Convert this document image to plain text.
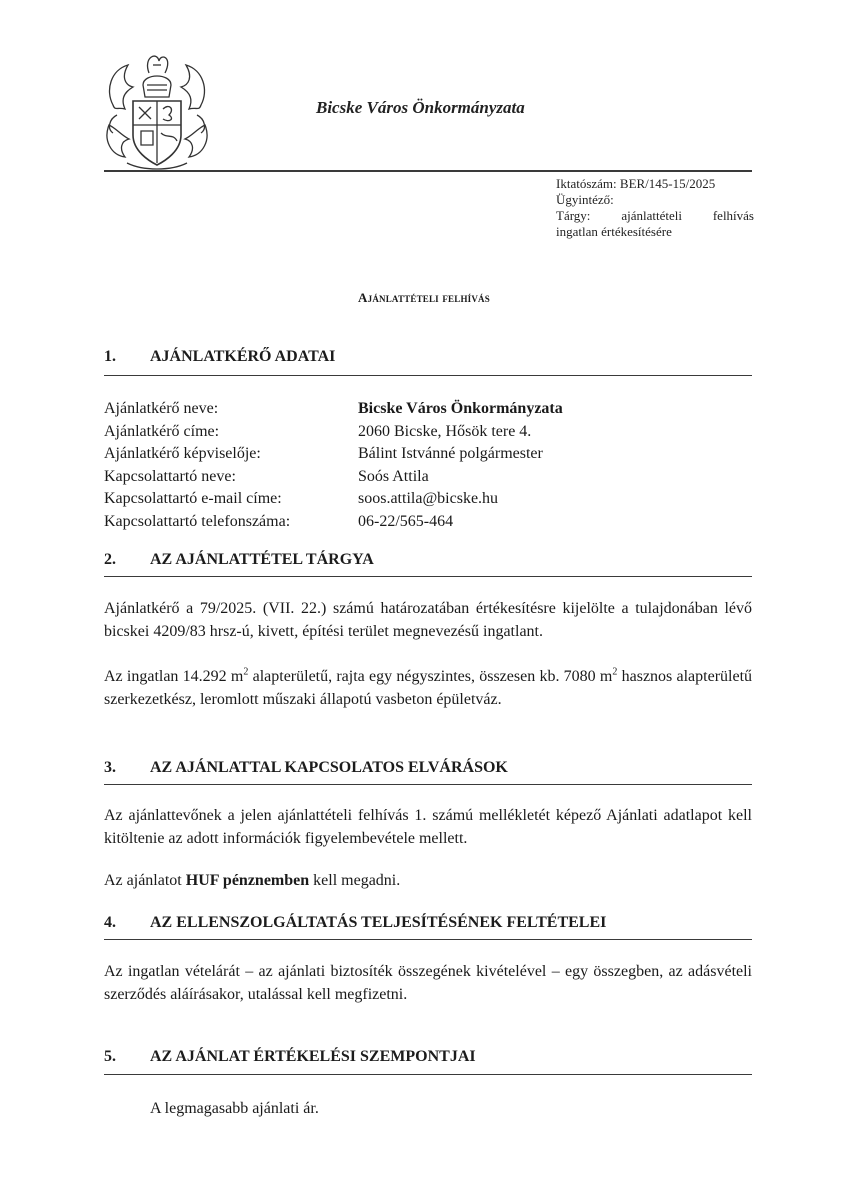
Bicske Város Önkormányzata
Iktatószám: BER/145-15/2025
Ügyintéző:
Tárgy: ajánlattételi felhívás
ingatlan értékesítésére
Ajánlattételi felhívás
1. AJÁNLATKÉRŐ ADATAI
Ajánlatkérő neve:	Bicske Város Önkormányzata
Ajánlatkérő címe:	2060 Bicske, Hősök tere 4.
Ajánlatkérő képviselője:	Bálint Istvánné polgármester
Kapcsolattartó neve:	Soós Attila
Kapcsolattartó e-mail címe:	soos.attila@bicske.hu
Kapcsolattartó telefonszáma:	06-22/565-464
2. AZ AJÁNLATTÉTEL TÁRGYA
Ajánlatkérő a 79/2025. (VII. 22.) számú határozatában értékesítésre kijelölte a tulajdonában lévő bicskei 4209/83 hrsz-ú, kivett, építési terület megnevezésű ingatlant.
Az ingatlan 14.292 $m^2$ alapterületű, rajta egy négyszintes, összesen kb. 7080 $m^2$ hasznos alapterületű szerkezetkész, leromlott műszaki állapotú vasbeton épületváz.
3. AZ AJÁNLATTAL KAPCSOLATOS ELVÁRÁSOK
Az ajánlattevőnek a jelen ajánlattételi felhívás 1. számú mellékletét képező Ajánlati adatlapot kell kitöltenie az adott információk figyelembevétele mellett.
Az ajánlatot HUF pénznemben kell megadni.
4. AZ ELLENSZOLGÁLTATÁS TELJESÍTÉSÉNEK FELTÉTELEI
Az ingatlan vételárát – az ajánlati biztosíték összegének kivételével – egy összegben, az adásvételi szerződés aláírásakor, utalással kell megfizetni.
5. AZ AJÁNLAT ÉRTÉKELÉSI SZEMPONTJAI
A legmagasabb ajánlati ár.
